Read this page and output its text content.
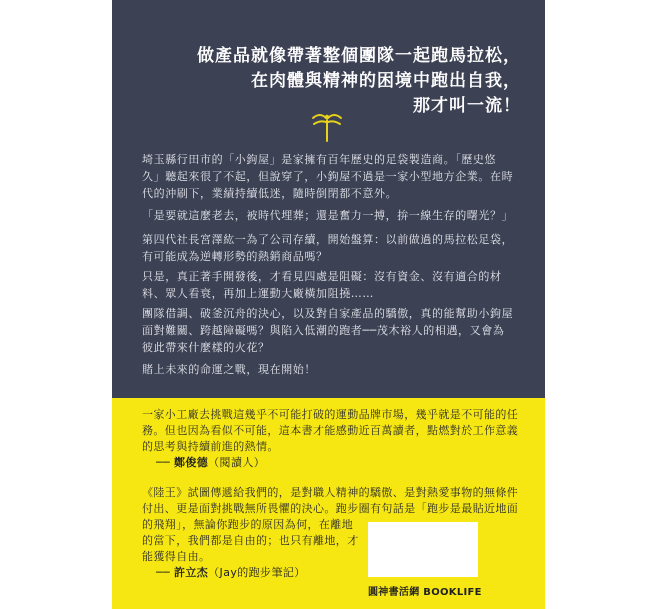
做產品就像帶著整個團隊一起跑馬拉松，
在肉體與精神的困境中跑出自我，
那才叫一流！
埼玉縣行田市的「小鉤屋」是家擁有百年歷史的足袋製造商。「歷史悠
久」聽起來很了不起，但說穿了，小鉤屋不過是一家小型地方企業。在時
代的沖刷下，業績持續低迷，隨時倒閉都不意外。
「是要就這麼老去，被時代埋葬；還是奮力一搏，拚一線生存的曙光？」
第四代社長宮澤紘一為了公司存續，開始盤算：以前做過的馬拉松足袋，
有可能成為逆轉形勢的熱銷商品嗎？
只是，真正著手開發後，才看見四處是阻礙：沒有資金、沒有適合的材
料、眾人看衰，再加上運動大廠橫加阻撓……
團隊借調、破釜沉舟的決心，以及對自家產品的驕傲，真的能幫助小鉤屋
面對難關、跨越障礙嗎？與陷入低潮的跑者──茂木裕人的相遇，又會為
彼此帶來什麼樣的火花？
賭上未來的命運之戰，現在開始！
一家小工廠去挑戰這幾乎不可能打破的運動品牌市場，幾乎就是不可能的任
務。但也因為看似不可能，這本書才能感動近百萬讀者，點燃對於工作意義
的思考與持續前進的熱情。
── 鄭俊德（閱讀人）
《陸王》試圖傳遞給我們的，是對職人精神的驕傲、是對熱愛事物的無條件
付出、更是面對挑戰無所畏懼的決心。跑步圈有句話是「跑步是最貼近地面
的飛翔」，無論你跑步的原因為何，在離地
的當下，我們都是自由的；也只有離地，才
能獲得自由。
── 許立杰（Jay的跑步筆記）
圓神書活網 BOOKLIFE
